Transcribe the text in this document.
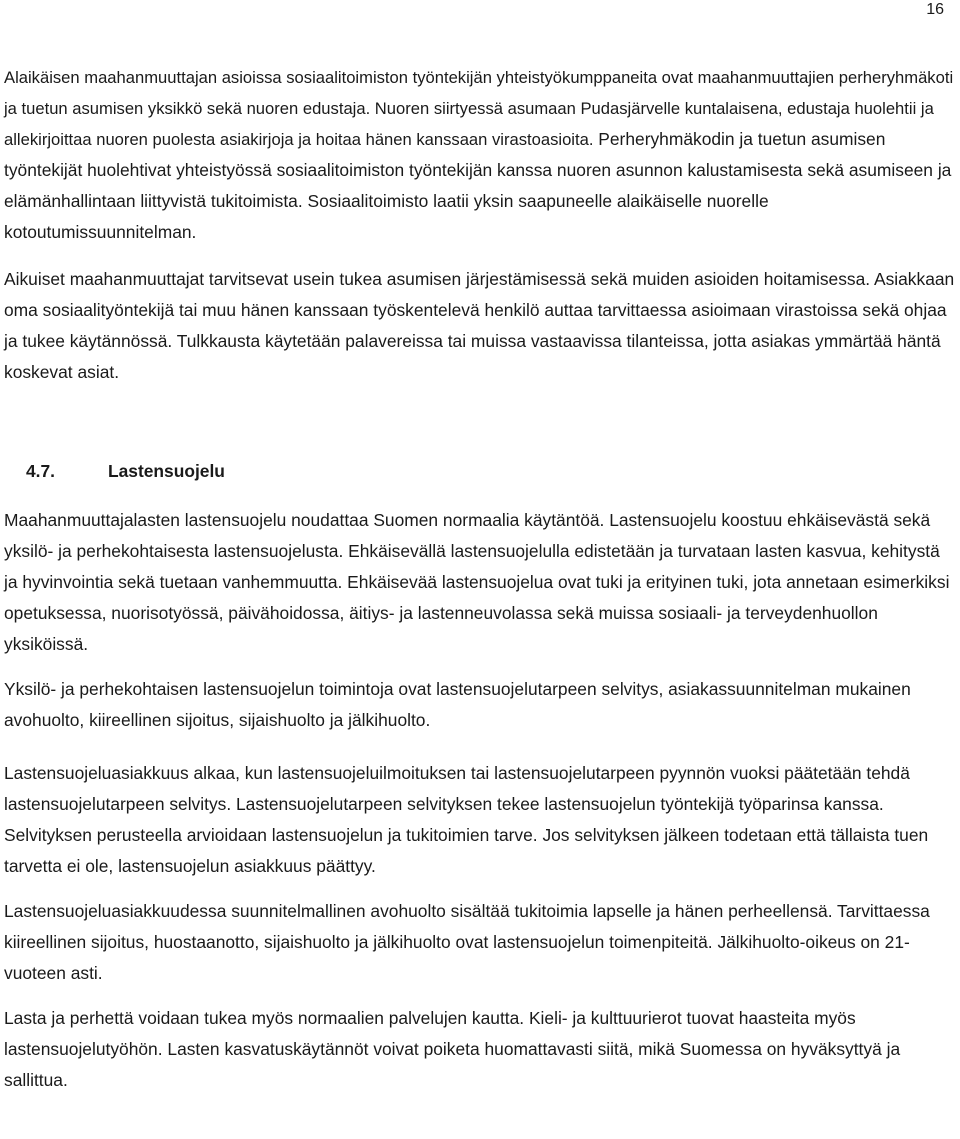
16

Alaikäisen maahanmuuttajan asioissa sosiaalitoimiston työntekijän yhteistyökumppaneita ovat maahanmuuttajien perheryhmäkoti ja tuetun asumisen yksikkö sekä nuoren edustaja. Nuoren siirtyessä asumaan Pudasjärvelle kuntalaisena, edustaja huolehtii ja allekirjoittaa nuoren puolesta asiakirjoja ja hoitaa hänen kanssaan virastoasioita. Perheryhmäkodin ja tuetun asumisen työntekijät huolehtivat yhteistyössä sosiaalitoimiston työntekijän kanssa nuoren asunnon kalustamisesta sekä asumiseen ja elämänhallintaan liittyvistä tukitoimista. Sosiaalitoimisto laatii yksin saapuneelle alaikäiselle nuorelle kotoutumissuunnitelman.

Aikuiset maahanmuuttajat tarvitsevat usein tukea asumisen järjestämisessä sekä muiden asioiden hoitamisessa. Asiakkaan oma sosiaalityöntekijä tai muu hänen kanssaan työskentelevä henkilö auttaa tarvittaessa asioimaan virastoissa sekä ohjaa ja tukee käytännössä. Tulkkausta käytetään palavereissa tai muissa vastaavissa tilanteissa, jotta asiakas ymmärtää häntä koskevat asiat.

4.7.	Lastensuojelu

Maahanmuuttajalasten lastensuojelu noudattaa Suomen normaalia käytäntöä. Lastensuojelu koostuu ehkäisevästä sekä yksilö- ja perhekohtaisesta lastensuojelusta. Ehkäisevällä lastensuojelulla edistetään ja turvataan lasten kasvua, kehitystä ja hyvinvointia sekä tuetaan vanhemmuutta. Ehkäisevää lastensuojelua ovat tuki ja erityinen tuki, jota annetaan esimerkiksi opetuksessa, nuorisotyössä, päivähoidossa, äitiys- ja lastenneuvolassa sekä muissa sosiaali- ja terveydenhuollon yksiköissä.

Yksilö- ja perhekohtaisen lastensuojelun toimintoja ovat lastensuojelutarpeen selvitys, asiakassuunnitelman mukainen avohuolto, kiireellinen sijoitus, sijaishuolto ja jälkihuolto.

Lastensuojeluasiakkuus alkaa, kun lastensuojeluilmoituksen tai lastensuojelutarpeen pyynnön vuoksi päätetään tehdä lastensuojelutarpeen selvitys. Lastensuojelutarpeen selvityksen tekee lastensuojelun työntekijä työparinsa kanssa. Selvityksen perusteella arvioidaan lastensuojelun ja tukitoimien tarve. Jos selvityksen jälkeen todetaan että tällaista tuen tarvetta ei ole, lastensuojelun asiakkuus päättyy.

Lastensuojeluasiakkuudessa suunnitelmallinen avohuolto sisältää tukitoimia lapselle ja hänen perheellensä. Tarvittaessa kiireellinen sijoitus, huostaanotto, sijaishuolto ja jälkihuolto ovat lastensuojelun toimenpiteitä. Jälkihuolto-oikeus on 21-vuoteen asti.

Lasta ja perhettä voidaan tukea myös normaalien palvelujen kautta. Kieli- ja kulttuurierot tuovat haasteita myös lastensuojelutyöhön. Lasten kasvatuskäytännöt voivat poiketa huomattavasti siitä, mikä Suomessa on hyväksyttyä ja sallittua.
